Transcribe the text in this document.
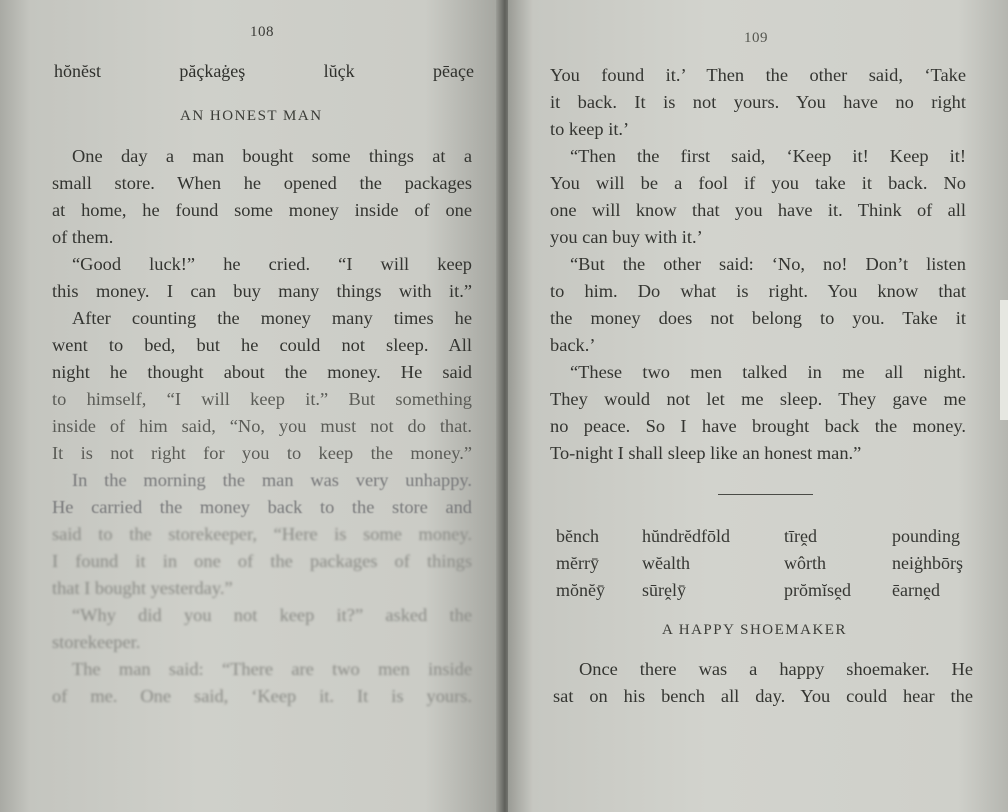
108
hŏnĕst	păçkaġeş	lŭçk	pēaçe
AN HONEST MAN
One day a man bought some things at a
small store. When he opened the packages
at home, he found some money inside of one
of them.
“Good luck!” he cried. “I will keep
this money. I can buy many things with it.”
After counting the money many times he
went to bed, but he could not sleep. All
night he thought about the money. He said
to himself, “I will keep it.” But something
inside of him said, “No, you must not do that.
It is not right for you to keep the money.”
In the morning the man was very unhappy.
He carried the money back to the store and
said to the storekeeper, “Here is some money.
I found it in one of the packages of things
that I bought yesterday.”
“Why did you not keep it?” asked the
storekeeper.
The man said: “There are two men inside
of me. One said, ‘Keep it. It is yours.
109
You found it.’ Then the other said, ‘Take
it back. It is not yours. You have no right
to keep it.’
“Then the first said, ‘Keep it! Keep it!
You will be a fool if you take it back. No
one will know that you have it. Think of all
you can buy with it.’
“But the other said: ‘No, no! Don’t listen
to him. Do what is right. You know that
the money does not belong to you. Take it
back.’
“These two men talked in me all night.
They would not let me sleep. They gave me
no peace. So I have brought back the money.
To-night I shall sleep like an honest man.”
bĕnch	hŭndrĕdfōld	tīrḙd	pounding
mĕrrȳ	wĕalth	wôrth	neiġhbōrş
mŏnĕȳ	sūrḙlȳ	prŏmĭsḙd	ēarnḙd
A HAPPY SHOEMAKER
Once there was a happy shoemaker. He
sat on his bench all day. You could hear the
